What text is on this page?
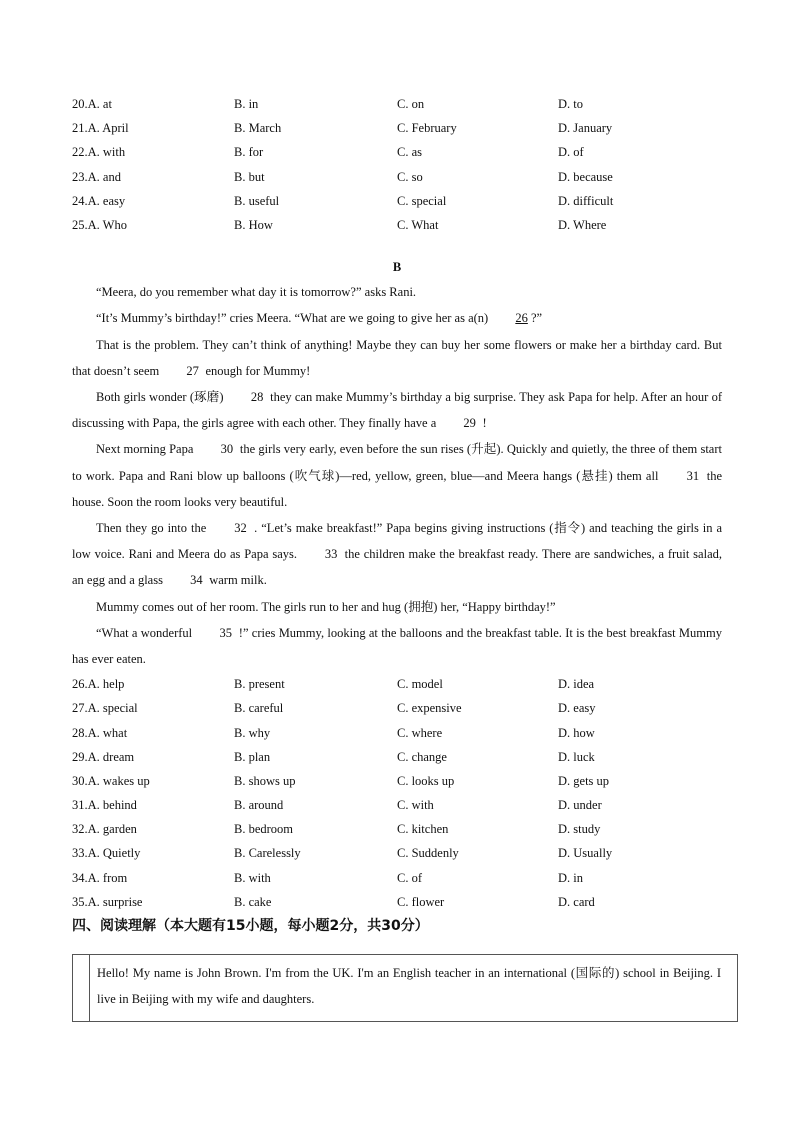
20.A. at	B. in	C. on	D. to
21.A. April	B. March	C. February	D. January
22.A. with	B. for	C. as	D. of
23.A. and	B. but	C. so	D. because
24.A. easy	B. useful	C. special	D. difficult
25.A. Who	B. How	C. What	D. Where
B

“Meera, do you remember what day it is tomorrow?” asks Rani.

“It’s Mummy’s birthday!” cries Meera. “What are we going to give her as a(n) 26 ?”

That is the problem. They can’t think of anything! Maybe they can buy her some flowers or make her a birthday card. But that doesn’t seem 27 enough for Mummy!

Both girls wonder (琢磨) 28 they can make Mummy’s birthday a big surprise. They ask Papa for help. After an hour of discussing with Papa, the girls agree with each other. They finally have a 29 !

Next morning Papa 30 the girls very early, even before the sun rises (升起). Quickly and quietly, the three of them start to work. Papa and Rani blow up balloons (吹气球)—red, yellow, green, blue—and Meera hangs (悬挂) them all 31 the house. Soon the room looks very beautiful.

Then they go into the 32 . “Let’s make breakfast!” Papa begins giving instructions (指令) and teaching the girls in a low voice. Rani and Meera do as Papa says. 33 the children make the breakfast ready. There are sandwiches, a fruit salad, an egg and a glass 34 warm milk.

Mummy comes out of her room. The girls run to her and hug (拥抱) her, “Happy birthday!”

“What a wonderful 35 !” cries Mummy, looking at the balloons and the breakfast table. It is the best breakfast Mummy has ever eaten.

26.A. help	B. present	C. model	D. idea
27.A. special	B. careful	C. expensive	D. easy
28.A. what	B. why	C. where	D. how
29.A. dream	B. plan	C. change	D. luck
30.A. wakes up	B. shows up	C. looks up	D. gets up
31.A. behind	B. around	C. with	D. under
32.A. garden	B. bedroom	C. kitchen	D. study
33.A. Quietly	B. Carelessly	C. Suddenly	D. Usually
34.A. from	B. with	C. of	D. in
35.A. surprise	B. cake	C. flower	D. card
四、阅读理解（本大题有15小题，每小题2分，共30分）
Hello! My name is John Brown. I'm from the UK. I'm an English teacher in an international (国际的) school in Beijing. I live in Beijing with my wife and daughters.
